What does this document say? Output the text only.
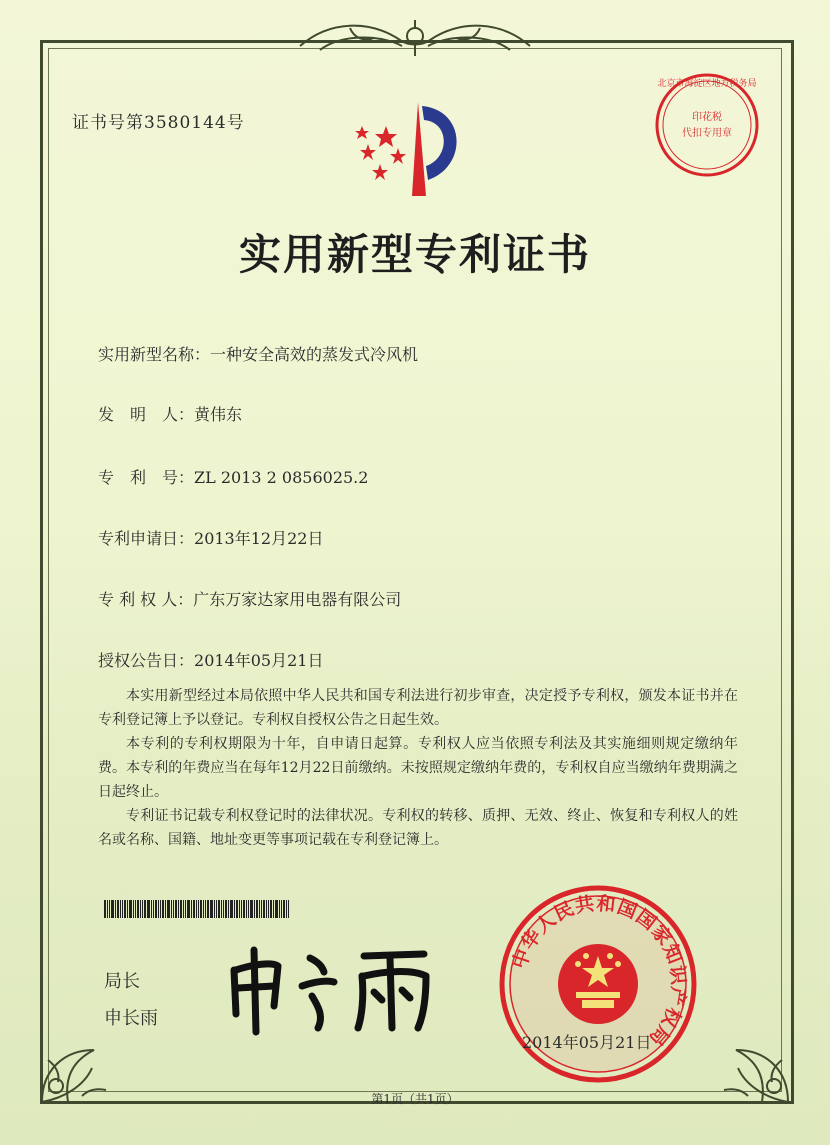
证书号第3580144号
北京市海淀区地方税务局
印花税
代扣专用章
实用新型专利证书
实用新型名称：一种安全高效的蒸发式冷风机
发　明　人：黄伟东
专　利　号：ZL 2013 2 0856025.2
专利申请日：2013年12月22日
专 利 权 人：广东万家达家用电器有限公司
授权公告日：2014年05月21日

本实用新型经过本局依照中华人民共和国专利法进行初步审查，决定授予专利权，颁发本证书并在专利登记簿上予以登记。专利权自授权公告之日起生效。

本专利的专利权期限为十年，自申请日起算。专利权人应当依照专利法及其实施细则规定缴纳年费。本专利的年费应当在每年12月22日前缴纳。未按照规定缴纳年费的，专利权自应当缴纳年费期满之日起终止。

专利证书记载专利权登记时的法律状况。专利权的转移、质押、无效、终止、恢复和专利权人的姓名或名称、国籍、地址变更等事项记载在专利登记簿上。

局长
申长雨
中华人民共和国国家知识产权局
2014年05月21日
第1页（共1页）
